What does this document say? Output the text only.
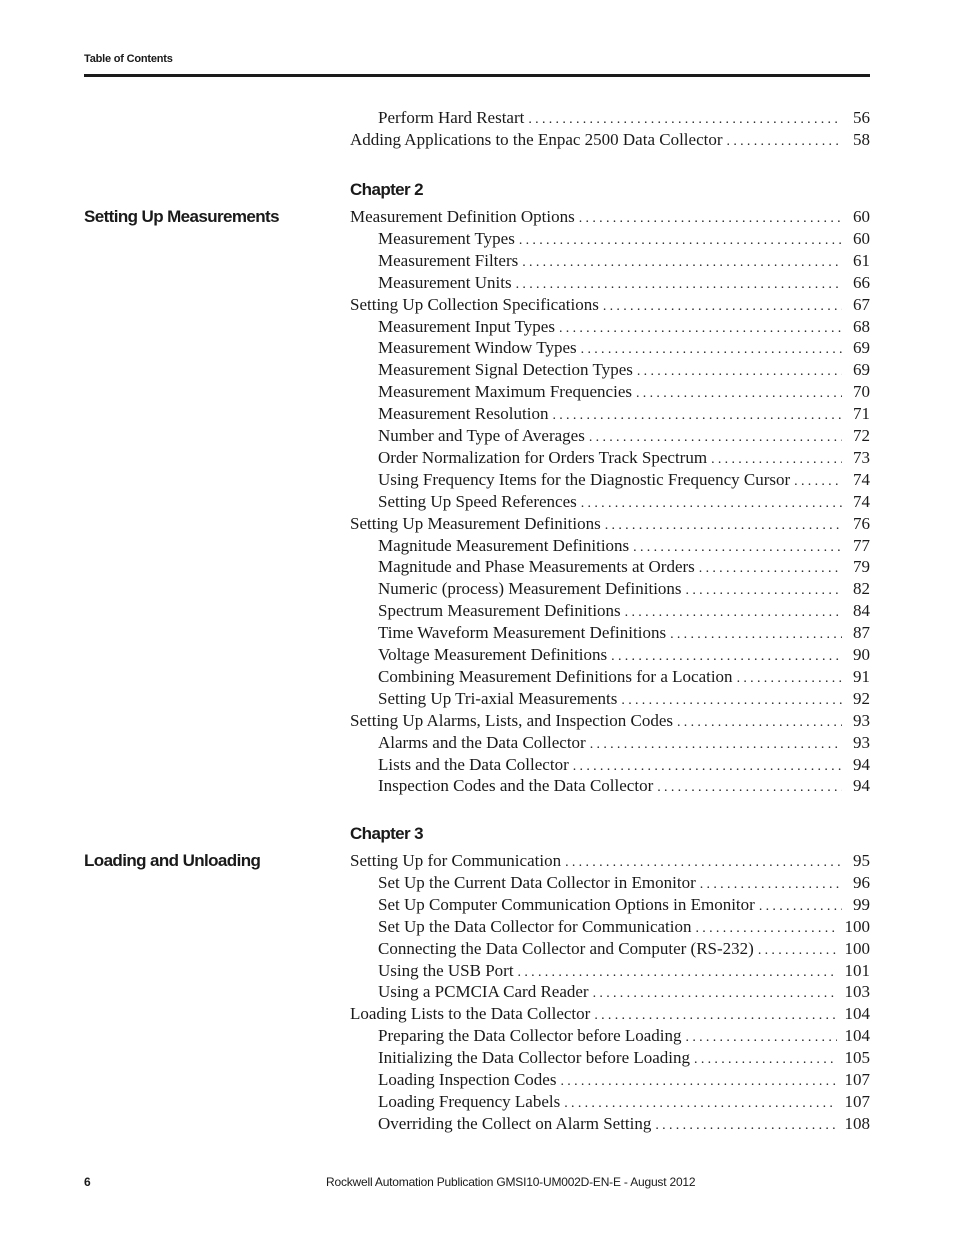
Table of Contents
Perform Hard Restart .....	56
Adding Applications to the Enpac 2500 Data Collector .....	58
Chapter 2
Setting Up Measurements	Measurement Definition Options .....	60
Measurement Types .....	60
Measurement Filters .....	61
Measurement Units .....	66
Setting Up Collection Specifications .....	67
Measurement Input Types .....	68
Measurement Window Types .....	69
Measurement Signal Detection Types .....	69
Measurement Maximum Frequencies .....	70
Measurement Resolution .....	71
Number and Type of Averages .....	72
Order Normalization for Orders Track Spectrum .....	73
Using Frequency Items for the Diagnostic Frequency Cursor .....	74
Setting Up Speed References .....	74
Setting Up Measurement Definitions .....	76
Magnitude Measurement Definitions .....	77
Magnitude and Phase Measurements at Orders .....	79
Numeric (process) Measurement Definitions .....	82
Spectrum Measurement Definitions .....	84
Time Waveform Measurement Definitions .....	87
Voltage Measurement Definitions .....	90
Combining Measurement Definitions for a Location .....	91
Setting Up Tri-axial Measurements .....	92
Setting Up Alarms, Lists, and Inspection Codes .....	93
Alarms and the Data Collector .....	93
Lists and the Data Collector .....	94
Inspection Codes and the Data Collector .....	94
Chapter 3
Loading and Unloading	Setting Up for Communication .....	95
Set Up the Current Data Collector in Emonitor .....	96
Set Up Computer Communication Options in Emonitor .....	99
Set Up the Data Collector for Communication .....	100
Connecting the Data Collector and Computer (RS-232) .....	100
Using the USB Port .....	101
Using a PCMCIA Card Reader .....	103
Loading Lists to the Data Collector .....	104
Preparing the Data Collector before Loading .....	104
Initializing the Data Collector before Loading .....	105
Loading Inspection Codes .....	107
Loading Frequency Labels .....	107
Overriding the Collect on Alarm Setting .....	108
6	Rockwell Automation Publication GMSI10-UM002D-EN-E - August 2012
